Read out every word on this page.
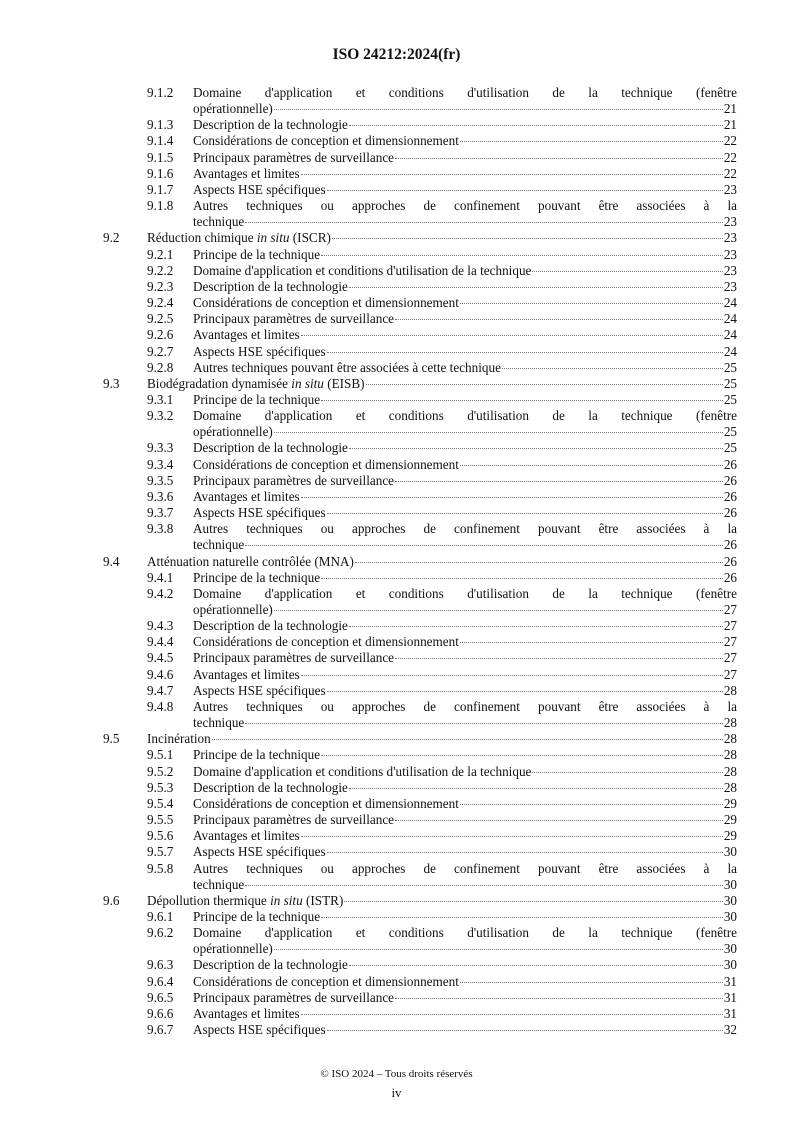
ISO 24212:2024(fr)
9.1.2	Domaine d'application et conditions d'utilisation de la technique (fenêtre
opérationnelle)	21
9.1.3	Description de la technologie	21
9.1.4	Considérations de conception et dimensionnement	22
9.1.5	Principaux paramètres de surveillance	22
9.1.6	Avantages et limites	22
9.1.7	Aspects HSE spécifiques	23
9.1.8	Autres techniques ou approches de confinement pouvant être associées à la
technique	23
9.2	Réduction chimique in situ (ISCR)	23
9.2.1	Principe de la technique	23
9.2.2	Domaine d'application et conditions d'utilisation de la technique	23
9.2.3	Description de la technologie	23
9.2.4	Considérations de conception et dimensionnement	24
9.2.5	Principaux paramètres de surveillance	24
9.2.6	Avantages et limites	24
9.2.7	Aspects HSE spécifiques	24
9.2.8	Autres techniques pouvant être associées à cette technique	25
9.3	Biodégradation dynamisée in situ (EISB)	25
9.3.1	Principe de la technique	25
9.3.2	Domaine d'application et conditions d'utilisation de la technique (fenêtre
opérationnelle)	25
9.3.3	Description de la technologie	25
9.3.4	Considérations de conception et dimensionnement	26
9.3.5	Principaux paramètres de surveillance	26
9.3.6	Avantages et limites	26
9.3.7	Aspects HSE spécifiques	26
9.3.8	Autres techniques ou approches de confinement pouvant être associées à la
technique	26
9.4	Atténuation naturelle contrôlée (MNA)	26
9.4.1	Principe de la technique	26
9.4.2	Domaine d'application et conditions d'utilisation de la technique (fenêtre
opérationnelle)	27
9.4.3	Description de la technologie	27
9.4.4	Considérations de conception et dimensionnement	27
9.4.5	Principaux paramètres de surveillance	27
9.4.6	Avantages et limites	27
9.4.7	Aspects HSE spécifiques	28
9.4.8	Autres techniques ou approches de confinement pouvant être associées à la
technique	28
9.5	Incinération	28
9.5.1	Principe de la technique	28
9.5.2	Domaine d'application et conditions d'utilisation de la technique	28
9.5.3	Description de la technologie	28
9.5.4	Considérations de conception et dimensionnement	29
9.5.5	Principaux paramètres de surveillance	29
9.5.6	Avantages et limites	29
9.5.7	Aspects HSE spécifiques	30
9.5.8	Autres techniques ou approches de confinement pouvant être associées à la
technique	30
9.6	Dépollution thermique in situ (ISTR)	30
9.6.1	Principe de la technique	30
9.6.2	Domaine d'application et conditions d'utilisation de la technique (fenêtre
opérationnelle)	30
9.6.3	Description de la technologie	30
9.6.4	Considérations de conception et dimensionnement	31
9.6.5	Principaux paramètres de surveillance	31
9.6.6	Avantages et limites	31
9.6.7	Aspects HSE spécifiques	32
© ISO 2024 – Tous droits réservés
iv
